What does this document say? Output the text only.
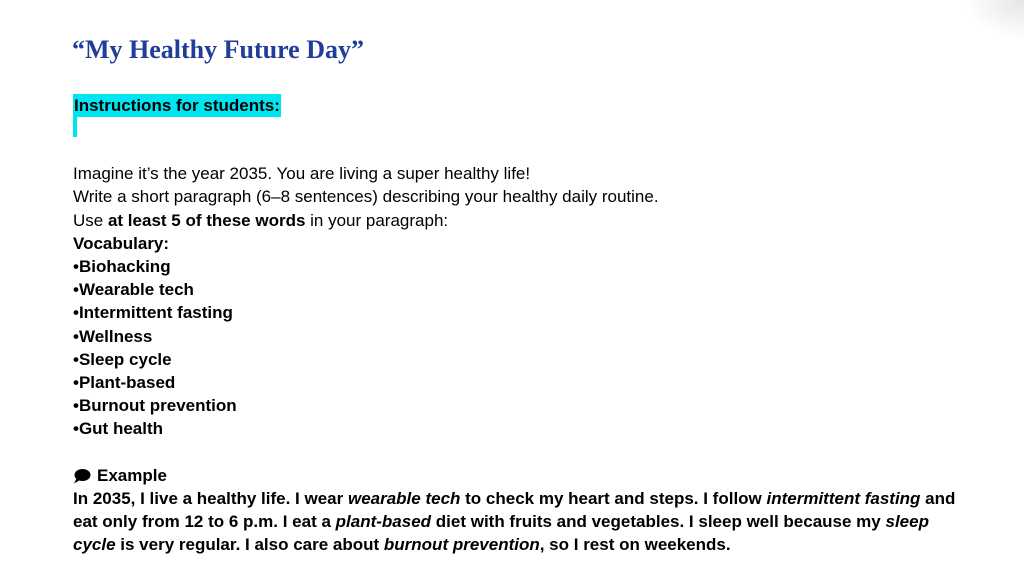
“My Healthy Future Day”
Instructions for students:

Imagine it’s the year 2035. You are living a super healthy life!

Write a short paragraph (6–8 sentences) describing your healthy daily routine.

Use at least 5 of these words in your paragraph:

Vocabulary:

•Biohacking
•Wearable tech
•Intermittent fasting
•Wellness
•Sleep cycle
•Plant-based
•Burnout prevention
•Gut health
Example

In 2035, I live a healthy life. I wear wearable tech to check my heart and steps. I follow intermittent fasting and eat only from 12 to 6 p.m. I eat a plant-based diet with fruits and vegetables. I sleep well because my sleep cycle is very regular. I also care about burnout prevention, so I rest on weekends.
